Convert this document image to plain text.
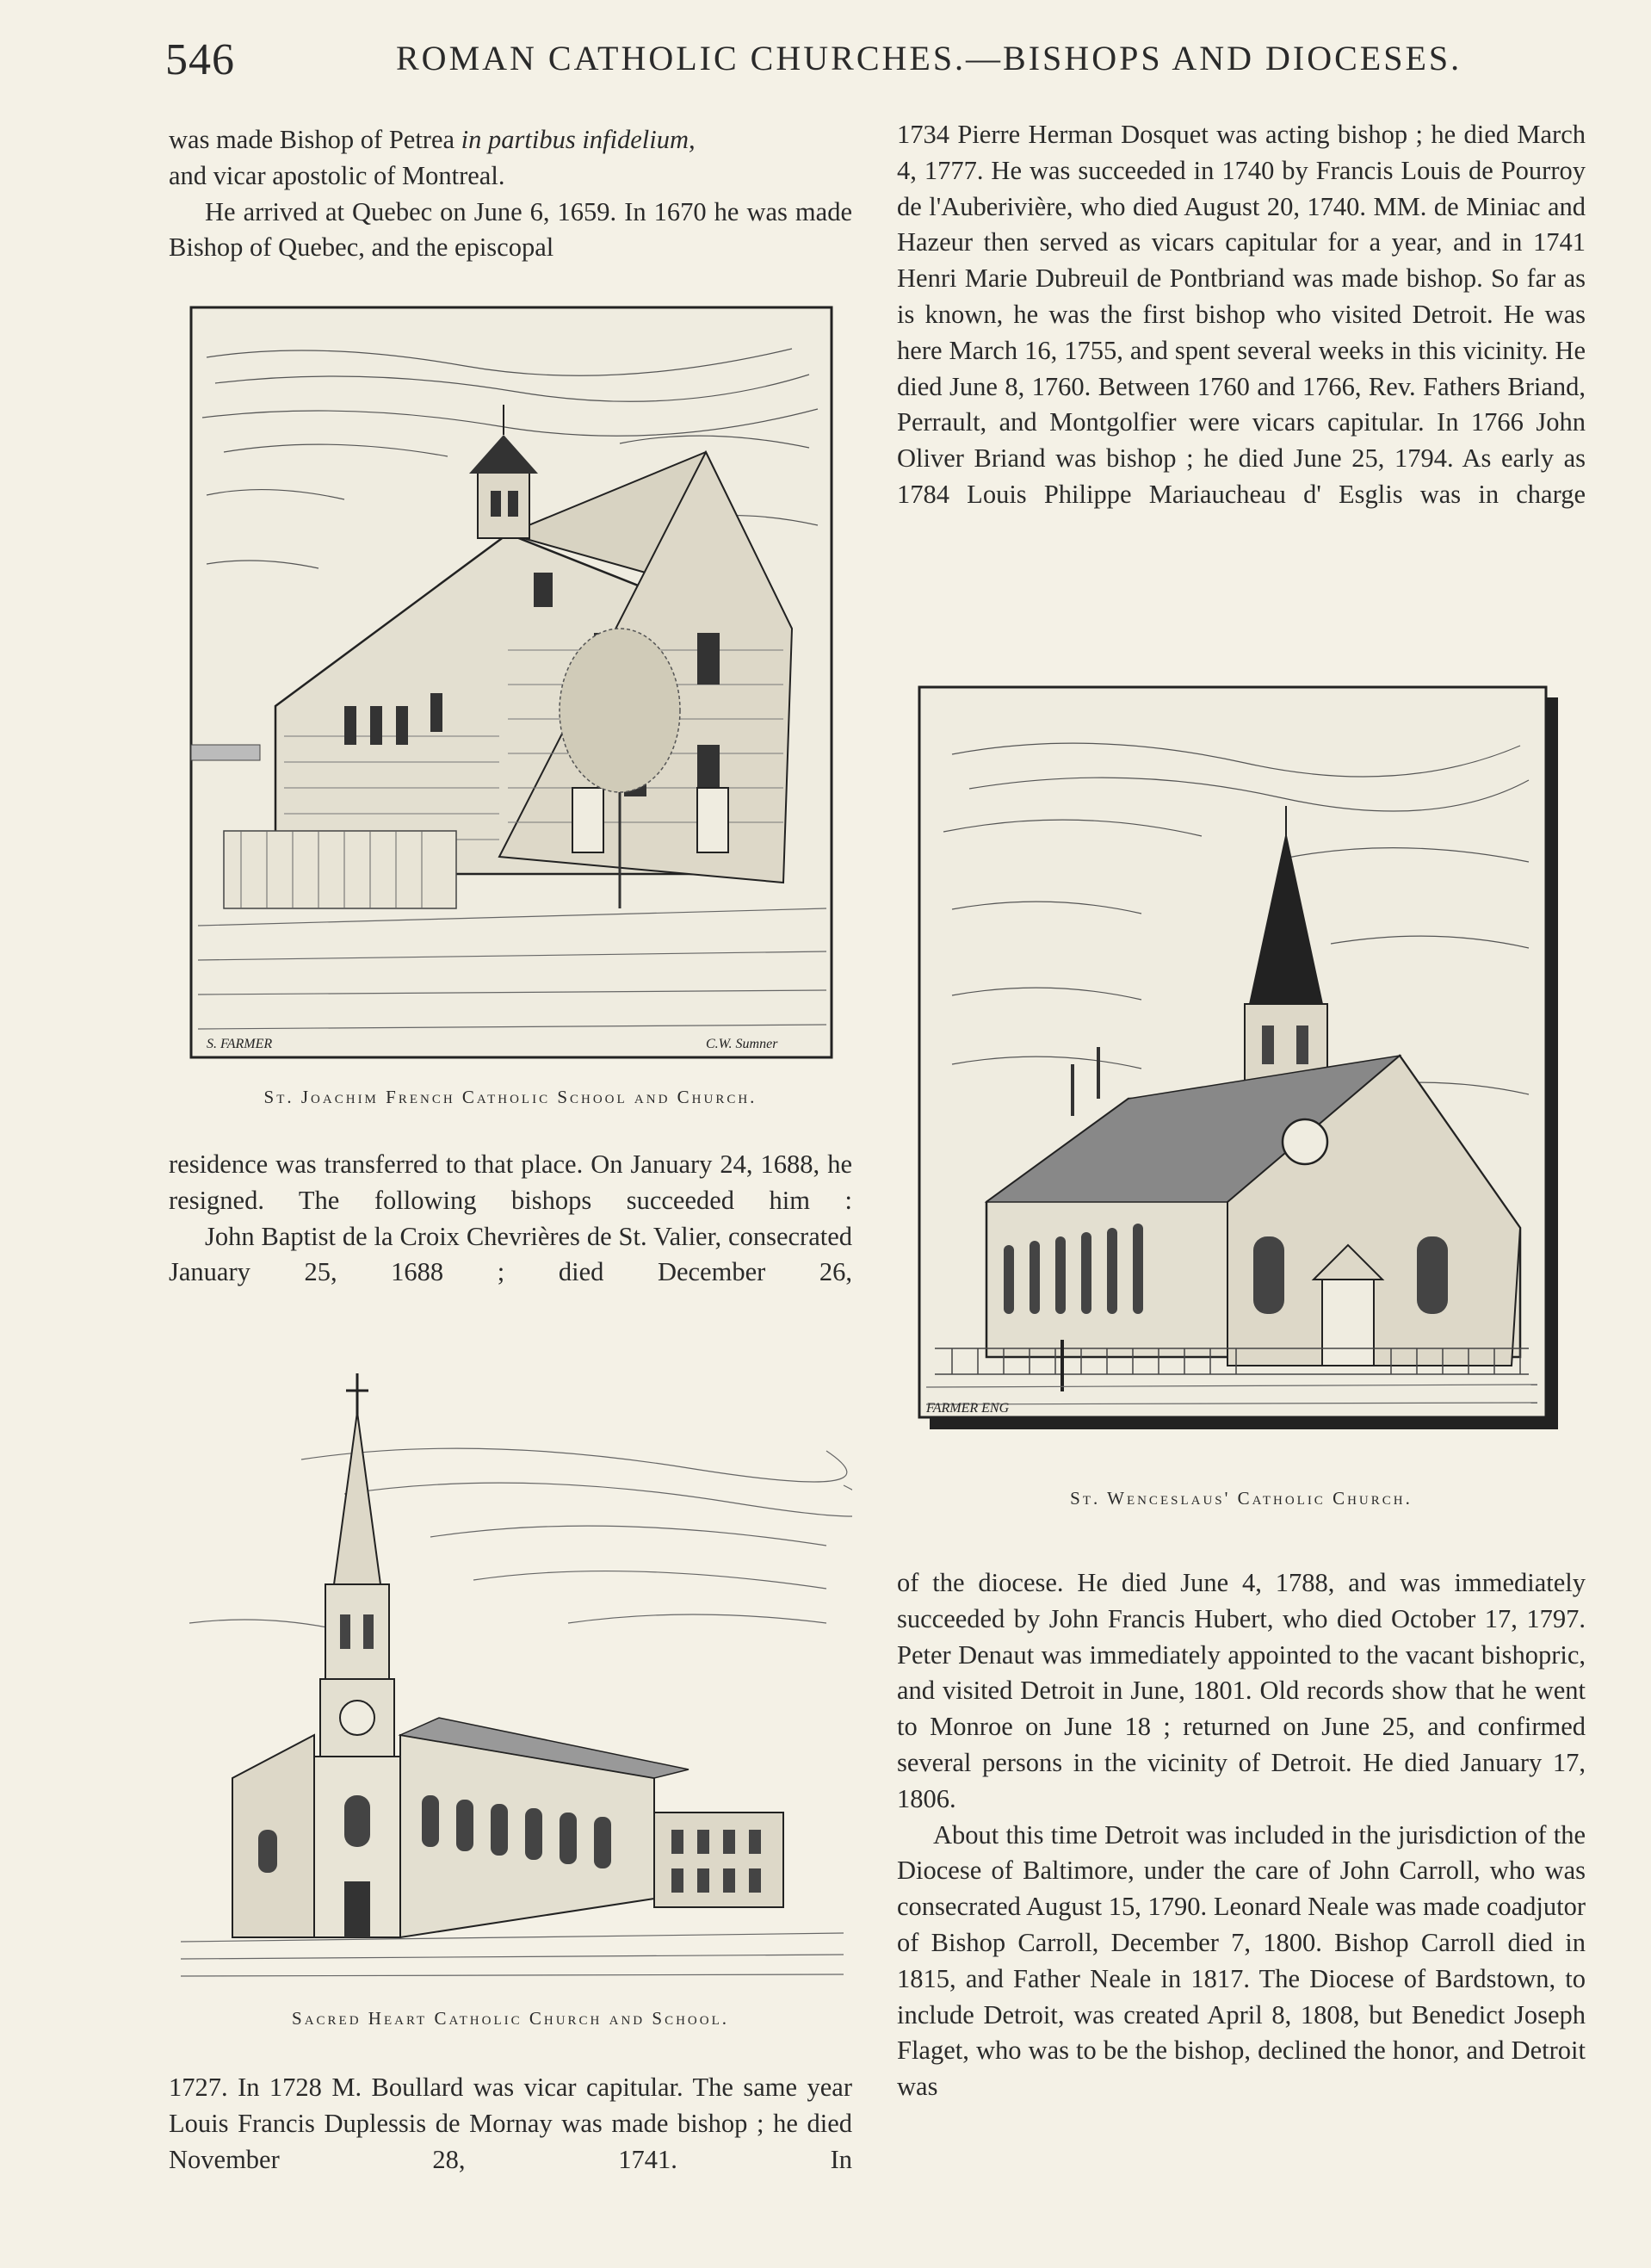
546	ROMAN CATHOLIC CHURCHES.—BISHOPS AND DIOCESES.

was made Bishop of Petrea in partibus infidelium,
and vicar apostolic of Montreal.

He arrived at Quebec on June 6, 1659. In 1670 he was made Bishop of Quebec, and the episcopal

S. FARMER	C.W. Sumner
St. Joachim French Catholic School and Church.

residence was transferred to that place. On January 24, 1688, he resigned. The following bishops succeeded him :

John Baptist de la Croix Chevrières de St. Valier, consecrated January 25, 1688 ; died December 26,

Sacred Heart Catholic Church and School.

1727. In 1728 M. Boullard was vicar capitular. The same year Louis Francis Duplessis de Mornay was made bishop ; he died November 28, 1741. In

1734 Pierre Herman Dosquet was acting bishop ; he died March 4, 1777. He was succeeded in 1740 by Francis Louis de Pourroy de l'Auberivière, who died August 20, 1740. MM. de Miniac and Hazeur then served as vicars capitular for a year, and in 1741 Henri Marie Dubreuil de Pontbriand was made bishop. So far as is known, he was the first bishop who visited Detroit. He was here March 16, 1755, and spent several weeks in this vicinity. He died June 8, 1760. Between 1760 and 1766, Rev. Fathers Briand, Perrault, and Montgolfier were vicars capitular. In 1766 John Oliver Briand was bishop ; he died June 25, 1794. As early as 1784 Louis Philippe Mariaucheau d' Esglis was in charge

FARMER ENG
St. Wenceslaus' Catholic Church.

of the diocese. He died June 4, 1788, and was immediately succeeded by John Francis Hubert, who died October 17, 1797. Peter Denaut was immediately appointed to the vacant bishopric, and visited Detroit in June, 1801. Old records show that he went to Monroe on June 18 ; returned on June 25, and confirmed several persons in the vicinity of Detroit. He died January 17, 1806.

About this time Detroit was included in the jurisdiction of the Diocese of Baltimore, under the care of John Carroll, who was consecrated August 15, 1790. Leonard Neale was made coadjutor of Bishop Carroll, December 7, 1800. Bishop Carroll died in 1815, and Father Neale in 1817. The Diocese of Bardstown, to include Detroit, was created April 8, 1808, but Benedict Joseph Flaget, who was to be the bishop, declined the honor, and Detroit was
